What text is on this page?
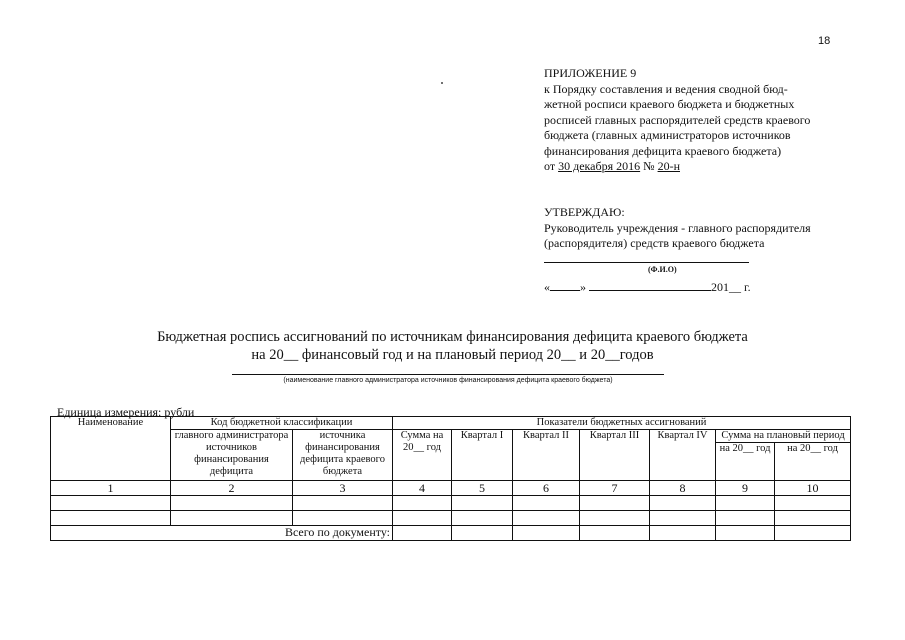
18
ПРИЛОЖЕНИЕ 9
к Порядку составления и ведения сводной бюд-
жетной росписи краевого бюджета и бюджетных
росписей главных распорядителей средств краевого
бюджета (главных администраторов источников
финансирования дефицита краевого бюджета)
от 30 декабря 2016 № 20-н
УТВЕРЖДАЮ:
Руководитель учреждения - главного распорядителя
(распорядителя) средств краевого бюджета
(Ф.И.О)
«	»	201__ г.
Бюджетная роспись ассигнований по источникам финансирования дефицита краевого бюджета
на 20__ финансовый год и на плановый период 20__ и 20__годов
(наименование главного администратора источников финансирования дефицита краевого бюджета)
Единица измерения: рубли
Наименование	Код бюджетной классификации		Показатели бюджетных ассигнований						
	главного администратора источников финансирования дефицита	источника финансирования дефицита краевого бюджета	Сумма на 20__ год	Квартал I	Квартал II	Квартал III	Квартал IV	Сумма на плановый период	
								на 20__ год	на 20__ год
1	2	3	4	5	6	7	8	9	10

Всего по документу:									
